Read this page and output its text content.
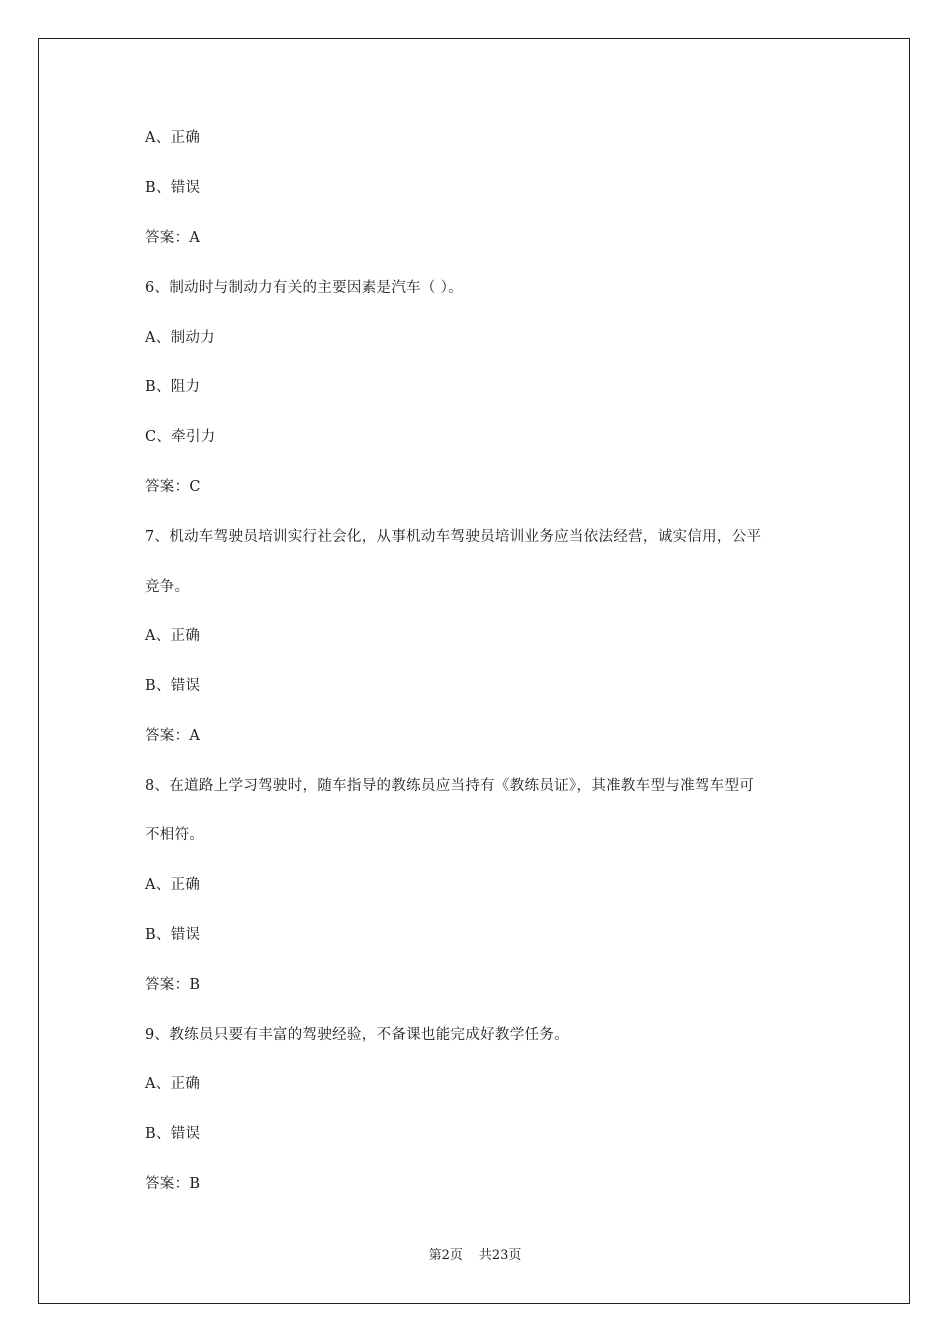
A、正确
B、错误
答案：A
6、制动时与制动力有关的主要因素是汽车（ ）。
A、制动力
B、阻力
C、牵引力
答案：C
7、机动车驾驶员培训实行社会化，从事机动车驾驶员培训业务应当依法经营，诚实信用，公平
竞争。
A、正确
B、错误
答案：A
8、在道路上学习驾驶时，随车指导的教练员应当持有《教练员证》，其准教车型与准驾车型可
不相符。
A、正确
B、错误
答案：B
9、教练员只要有丰富的驾驶经验，不备课也能完成好教学任务。
A、正确
B、错误
答案：B
第2页 共23页
